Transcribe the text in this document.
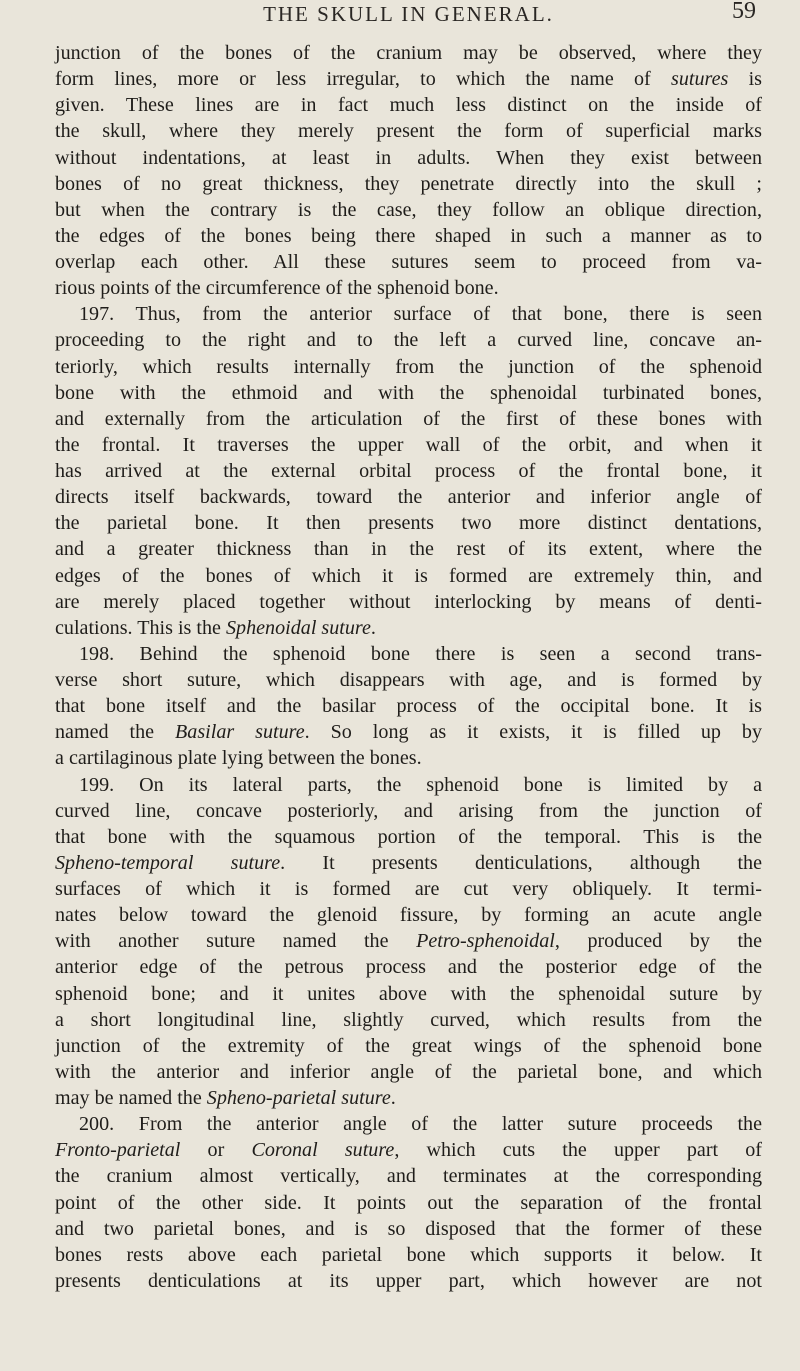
THE SKULL IN GENERAL.	59
junction of the bones of the cranium may be observed, where they
form lines, more or less irregular, to which the name of sutures is
given. These lines are in fact much less distinct on the inside of
the skull, where they merely present the form of superficial marks
without indentations, at least in adults. When they exist between
bones of no great thickness, they penetrate directly into the skull ;
but when the contrary is the case, they follow an oblique direction,
the edges of the bones being there shaped in such a manner as to
overlap each other. All these sutures seem to proceed from va-
rious points of the circumference of the sphenoid bone.
197. Thus, from the anterior surface of that bone, there is seen
proceeding to the right and to the left a curved line, concave an-
teriorly, which results internally from the junction of the sphenoid
bone with the ethmoid and with the sphenoidal turbinated bones,
and externally from the articulation of the first of these bones with
the frontal. It traverses the upper wall of the orbit, and when it
has arrived at the external orbital process of the frontal bone, it
directs itself backwards, toward the anterior and inferior angle of
the parietal bone. It then presents two more distinct dentations,
and a greater thickness than in the rest of its extent, where the
edges of the bones of which it is formed are extremely thin, and
are merely placed together without interlocking by means of denti-
culations. This is the Sphenoidal suture.
198. Behind the sphenoid bone there is seen a second trans-
verse short suture, which disappears with age, and is formed by
that bone itself and the basilar process of the occipital bone. It is
named the Basilar suture. So long as it exists, it is filled up by
a cartilaginous plate lying between the bones.
199. On its lateral parts, the sphenoid bone is limited by a
curved line, concave posteriorly, and arising from the junction of
that bone with the squamous portion of the temporal. This is the
Spheno-temporal suture. It presents denticulations, although the
surfaces of which it is formed are cut very obliquely. It termi-
nates below toward the glenoid fissure, by forming an acute angle
with another suture named the Petro-sphenoidal, produced by the
anterior edge of the petrous process and the posterior edge of the
sphenoid bone; and it unites above with the sphenoidal suture by
a short longitudinal line, slightly curved, which results from the
junction of the extremity of the great wings of the sphenoid bone
with the anterior and inferior angle of the parietal bone, and which
may be named the Spheno-parietal suture.
200. From the anterior angle of the latter suture proceeds the
Fronto-parietal or Coronal suture, which cuts the upper part of
the cranium almost vertically, and terminates at the corresponding
point of the other side. It points out the separation of the frontal
and two parietal bones, and is so disposed that the former of these
bones rests above each parietal bone which supports it below. It
presents denticulations at its upper part, which however are not
